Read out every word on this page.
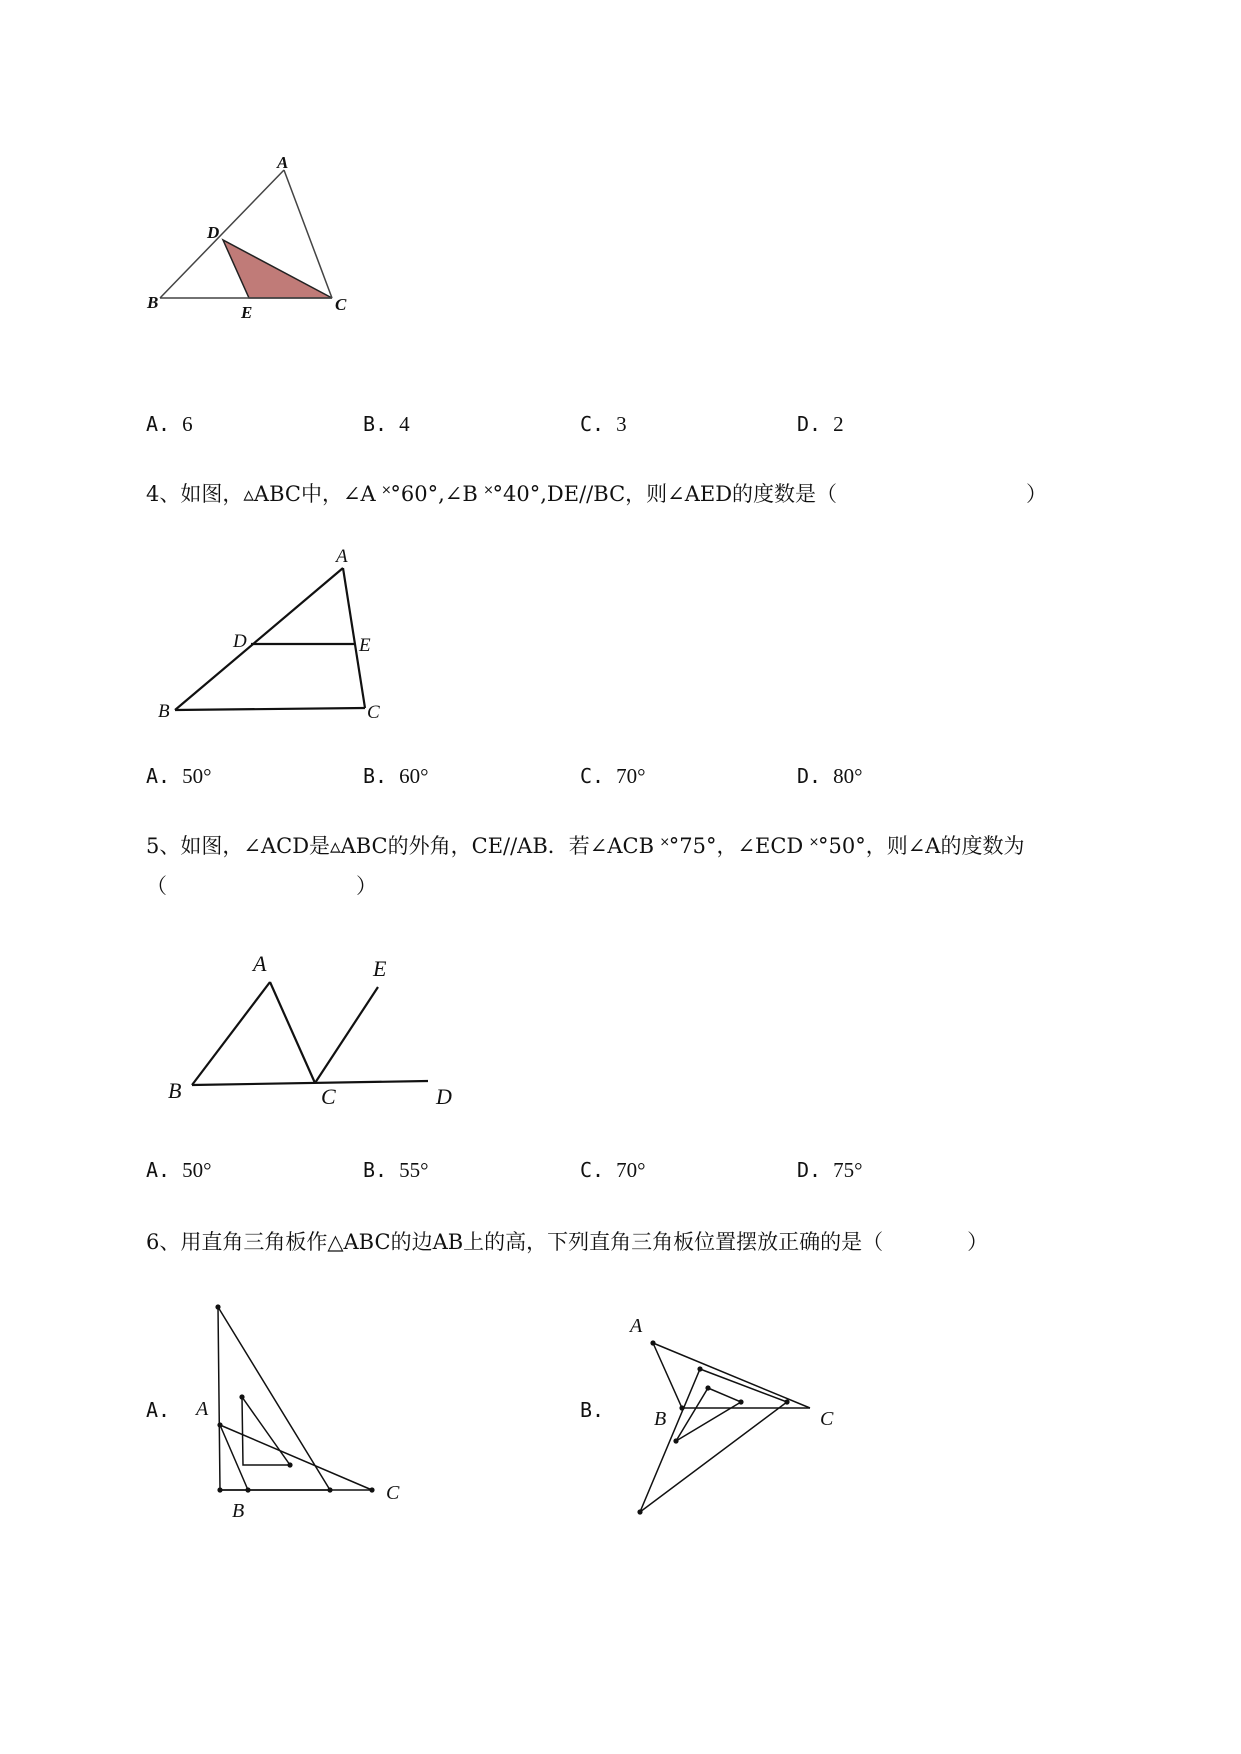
A
D
B
E	C
A. 6	B. 4	C. 3	D. 2
4、如图，▵ABC中，∠A ˟°60°,∠B ˟°40°,DE//BC，则∠AED的度数是（　　　　　　　　　）
A
D	E
B	C
A. 50°	B. 60°	C. 70°	D. 80°
5、如图，∠ACD是▵ABC的外角，CE//AB．若∠ACB ˟°75°，∠ECD ˟°50°，则∠A的度数为
（　　　　　　　　　）
A	E
B	C	D
A. 50°	B. 55°	C. 70°	D. 75°
6、用直角三角板作△ABC的边AB上的高，下列直角三角板位置摆放正确的是（　　　　）
A. A
B
C
B.
A
B	C
